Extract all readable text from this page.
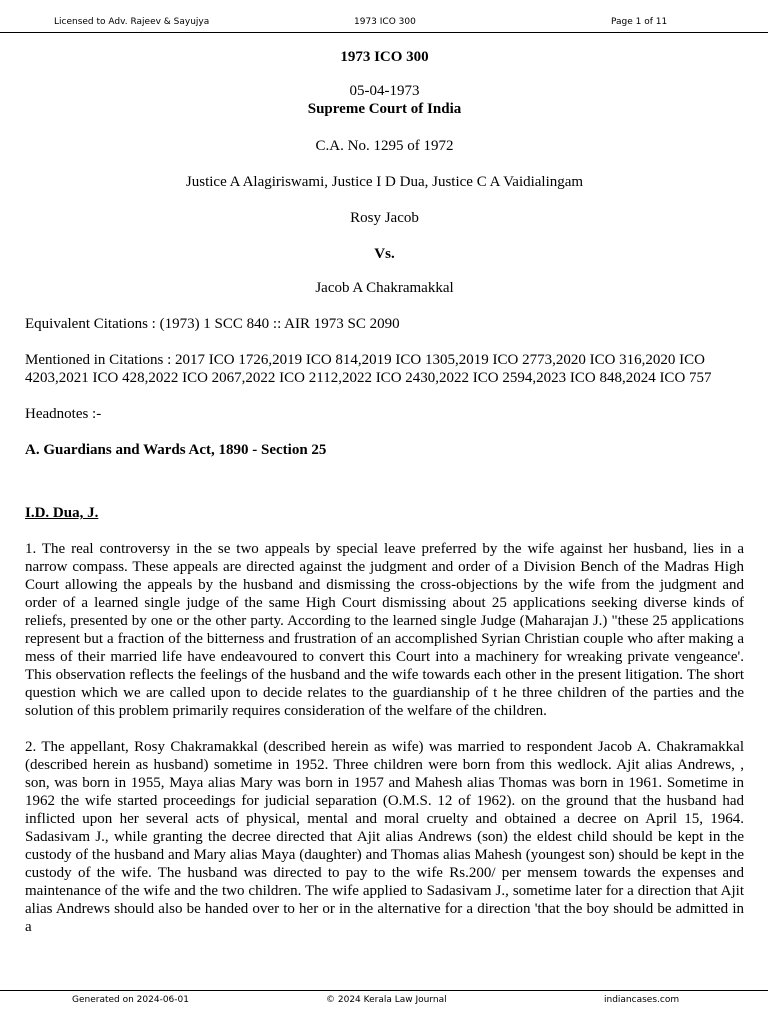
Licensed to Adv. Rajeev & Sayujya	1973 ICO 300	Page 1 of 11

1973 ICO 300

05-04-1973

Supreme Court of India

C.A. No. 1295 of 1972

Justice A Alagiriswami, Justice I D Dua, Justice C A Vaidialingam

Rosy Jacob

Vs.

Jacob A Chakramakkal

Equivalent Citations : (1973) 1 SCC 840 :: AIR 1973 SC 2090

Mentioned in Citations : 2017 ICO 1726,2019 ICO 814,2019 ICO 1305,2019 ICO 2773,2020 ICO 316,2020 ICO 4203,2021 ICO 428,2022 ICO 2067,2022 ICO 2112,2022 ICO 2430,2022 ICO 2594,2023 ICO 848,2024 ICO 757

Headnotes :-

A. Guardians and Wards Act, 1890 - Section 25

I.D. Dua, J.

1. The real controversy in the se two appeals by special leave preferred by the wife against her husband, lies in a narrow compass. These appeals are directed against the judgment and order of a Division Bench of the Madras High Court allowing the appeals by the husband and dismissing the cross-objections by the wife from the judgment and order of a learned single judge of the same High Court dismissing about 25 applications seeking diverse kinds of reliefs, presented by one or the other party. According to the learned single Judge (Maharajan J.) "these 25 applications represent but a fraction of the bitterness and frustration of an accomplished Syrian Christian couple who after making a mess of their married life have endeavoured to convert this Court into a machinery for wreaking private vengeance'. This observation reflects the feelings of the husband and the wife towards each other in the present litigation. The short question which we are called upon to decide relates to the guardianship of t he three children of the parties and the solution of this problem primarily requires consideration of the welfare of the children.

2. The appellant, Rosy Chakramakkal (described herein as wife) was married to respondent Jacob A. Chakramakkal (described herein as husband) sometime in 1952. Three children were born from this wedlock. Ajit alias Andrews, , son, was born in 1955, Maya alias Mary was born in 1957 and Mahesh alias Thomas was born in 1961. Sometime in 1962 the wife started proceedings for judicial separation (O.M.S. 12 of 1962). on the ground that the husband had inflicted upon her several acts of physical, mental and moral cruelty and obtained a decree on April 15, 1964. Sadasivam J., while granting the decree directed that Ajit alias Andrews (son) the eldest child should be kept in the custody of the husband and Mary alias Maya (daughter) and Thomas alias Mahesh (youngest son) should be kept in the custody of the wife. The husband was directed to pay to the wife Rs.200/ per mensem towards the expenses and maintenance of the wife and the two children. The wife applied to Sadasivam J., sometime later for a direction that Ajit alias Andrews should also be handed over to her or in the alternative for a direction 'that the boy should be admitted in a

Generated on 2024-06-01	© 2024 Kerala Law Journal	indiancases.com
